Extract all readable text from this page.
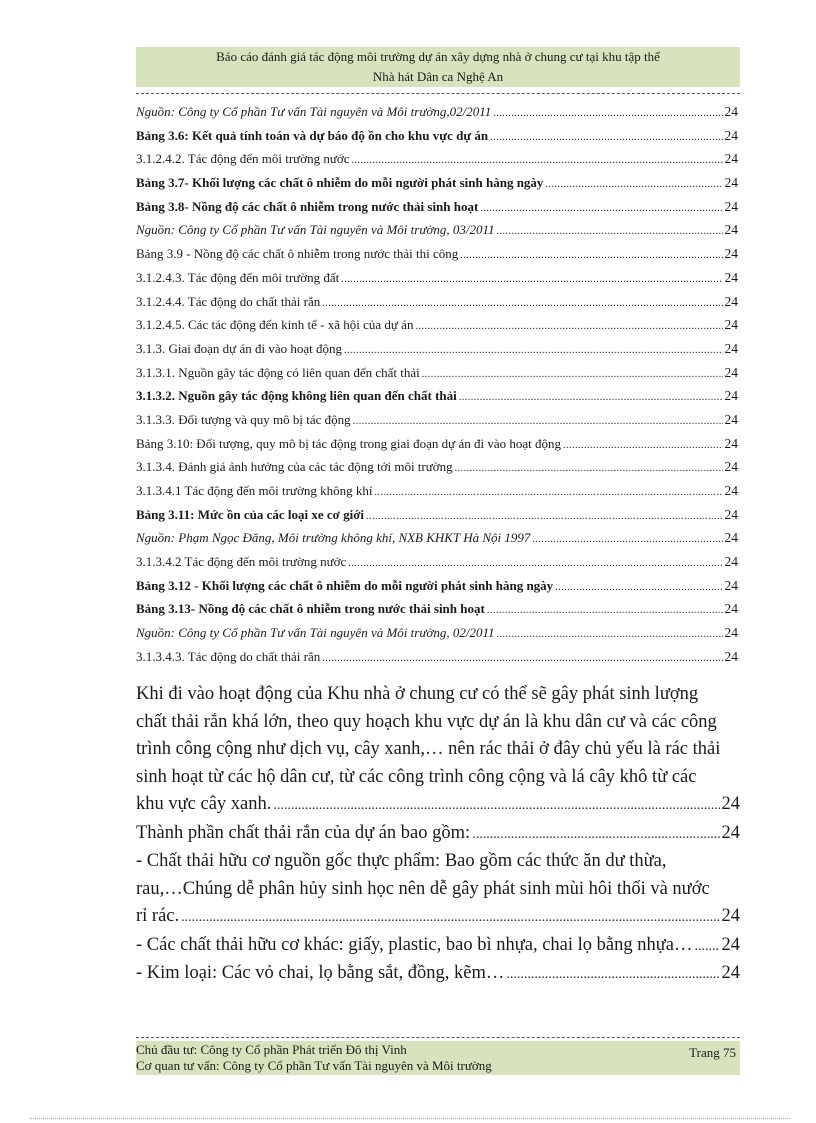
Báo cáo đánh giá tác động môi trường dự án xây dựng nhà ở chung cư tại khu tập thể
Nhà hát Dân ca Nghệ An
Nguồn: Công ty Cổ phần Tư vấn Tài nguyên và Môi trường,02/2011 .....	24
Bảng 3.6: Kết quả tính toán và dự báo độ ồn cho khu vực dự án .....	24
3.1.2.4.2. Tác động đến môi trường nước .....	24
Bảng 3.7- Khối lượng các chất ô nhiễm do mỗi người phát sinh hàng ngày .....	24
Bảng 3.8- Nồng độ các chất ô nhiễm trong nước thải sinh hoạt .....	24
Nguồn: Công ty Cổ phần Tư vấn Tài nguyên và Môi trường, 03/2011 .....	24
Bảng 3.9 - Nồng độ các chất ô nhiễm trong nước thải thi công .....	24
3.1.2.4.3. Tác động đến môi trường đất .....	24
3.1.2.4.4. Tác động do chất thải rắn .....	24
3.1.2.4.5. Các tác động đến kinh tế - xã hội của dự án .....	24
3.1.3. Giai đoạn dự án đi vào hoạt động .....	24
3.1.3.1. Nguồn gây tác động có liên quan đến chất thải .....	24
3.1.3.2. Nguồn gây tác động không liên quan đến chất thải .....	24
3.1.3.3. Đối tượng và quy mô bị tác động .....	24
Bảng 3.10: Đối tượng, quy mô bị tác động trong giai đoạn dự án đi vào hoạt động .....	24
3.1.3.4. Đánh giá ảnh hưởng của các tác động tới môi trường .....	24
3.1.3.4.1 Tác động đến môi trường không khí .....	24
Bảng 3.11: Mức ồn của các loại xe cơ giới .....	24
Nguồn: Phạm Ngọc Đăng, Môi trường không khí, NXB KHKT Hà Nội 1997 .....	24
3.1.3.4.2 Tác động đến môi trường nước .....	24
Bảng 3.12 - Khối lượng các chất ô nhiễm do mỗi người phát sinh hàng ngày .....	24
Bảng 3.13- Nồng độ các chất ô nhiễm trong nước thải sinh hoạt .....	24
Nguồn: Công ty Cổ phần Tư vấn Tài nguyên và Môi trường, 02/2011 .....	24
3.1.3.4.3. Tác động do chất thải rắn .....	24
Khi đi vào hoạt động của Khu nhà ở chung cư có thể sẽ gây phát sinh lượng
chất thải rắn khá lớn, theo quy hoạch khu vực dự án là khu dân cư và các công
trình công cộng như dịch vụ, cây xanh,… nên rác thải ở đây chủ yếu là rác thải
sinh hoạt từ các hộ dân cư, từ các công trình công cộng và lá cây khô từ các
khu vực cây xanh. .....	24
Thành phần chất thải rắn của dự án bao gồm: .....	24
- Chất thải hữu cơ nguồn gốc thực phẩm: Bao gồm các thức ăn dư thừa,
rau,…Chúng dễ phân hủy sinh học nên dễ gây phát sinh mùi hôi thối và nước
rỉ rác. .....	24
- Các chất thải hữu cơ khác: giấy, plastic, bao bì nhựa, chai lọ bằng nhựa… ..... 24
- Kim loại: Các vỏ chai, lọ bằng sắt, đồng, kẽm… .....	24
Chủ đầu tư: Công ty Cổ phần Phát triển Đô thị Vinh
Cơ quan tư vấn: Công ty Cổ phần Tư vấn Tài nguyên và Môi trường
Trang 75
